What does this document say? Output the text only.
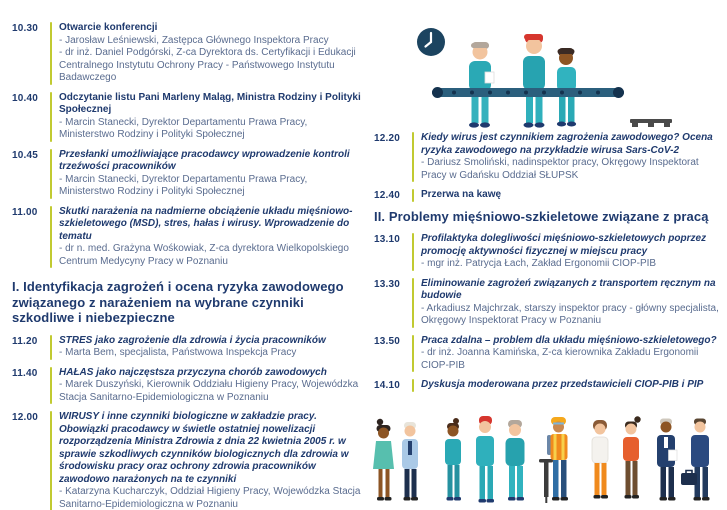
10.30	Otwarcie konferencji
- Jarosław Leśniewski, Zastępca Głównego Inspektora Pracy
- dr inż. Daniel Podgórski, Z-ca Dyrektora ds. Certyfikacji i Edukacji Centralnego Instytutu Ochrony Pracy - Państwowego Instytutu Badawczego
10.40	Odczytanie listu Pani Marleny Maląg, Ministra Rodziny i Polityki Społecznej
- Marcin Stanecki, Dyrektor Departamentu Prawa Pracy, Ministerstwo Rodziny i Polityki Społecznej
10.45	Przesłanki umożliwiające pracodawcy wprowadzenie kontroli trzeźwości pracowników
- Marcin Stanecki, Dyrektor Departamentu Prawa Pracy, Ministerstwo Rodziny i Polityki Społecznej
11.00	Skutki narażenia na nadmierne obciążenie układu mięśniowo-szkieletowego (MSD), stres, hałas i wirusy. Wprowadzenie do tematu
- dr n. med. Grażyna Wośkowiak, Z-ca dyrektora Wielkopolskiego Centrum Medycyny Pracy w Poznaniu
I. Identyfikacja zagrożeń i ocena ryzyka zawodowego związanego z narażeniem na wybrane czynniki szkodliwe i niebezpieczne
11.20	STRES jako zagrożenie dla zdrowia i życia pracowników
- Marta Bem, specjalista, Państwowa Inspekcja Pracy
11.40	HAŁAS jako najczęstsza przyczyna chorób zawodowych
- Marek Duszyński, Kierownik Oddziału Higieny Pracy, Wojewódzka Stacja Sanitarno-Epidemiologiczna w Poznaniu
12.00	WIRUSY i inne czynniki biologiczne w zakładzie pracy. Obowiązki pracodawcy w świetle ostatniej nowelizacji rozporządzenia Ministra Zdrowia z dnia 22 kwietnia 2005 r. w sprawie szkodliwych czynników biologicznych dla zdrowia w środowisku pracy oraz ochrony zdrowia pracowników zawodowo narażonych na te czynniki
- Katarzyna Kucharczyk, Oddział Higieny Pracy, Wojewódzka Stacja Sanitarno-Epidemiologiczna w Poznaniu
12.20	Kiedy wirus jest czynnikiem zagrożenia zawodowego? Ocena ryzyka zawodowego na przykładzie wirusa Sars-CoV-2
- Dariusz Smoliński, nadinspektor pracy, Okręgowy Inspektorat Pracy w Gdańsku Oddział SŁUPSK
12.40	Przerwa na kawę
II. Problemy mięśniowo-szkieletowe związane z pracą
13.10	Profilaktyka dolegliwości mięśniowo-szkieletowych poprzez promocję aktywności fizycznej w miejscu pracy
- mgr inż. Patrycja Łach, Zakład Ergonomii CIOP-PIB
13.30	Eliminowanie zagrożeń związanych z transportem ręcznym na budowie
- Arkadiusz Majchrzak, starszy inspektor pracy - główny specjalista, Okręgowy Inspektorat Pracy w Poznaniu
13.50	Praca zdalna – problem dla układu mięśniowo-szkieletowego?
- dr inż. Joanna Kamińska, Z-ca kierownika Zakładu Ergonomii CIOP-PIB
14.10	Dyskusja moderowana przez przedstawicieli CIOP-PIB i PIP
